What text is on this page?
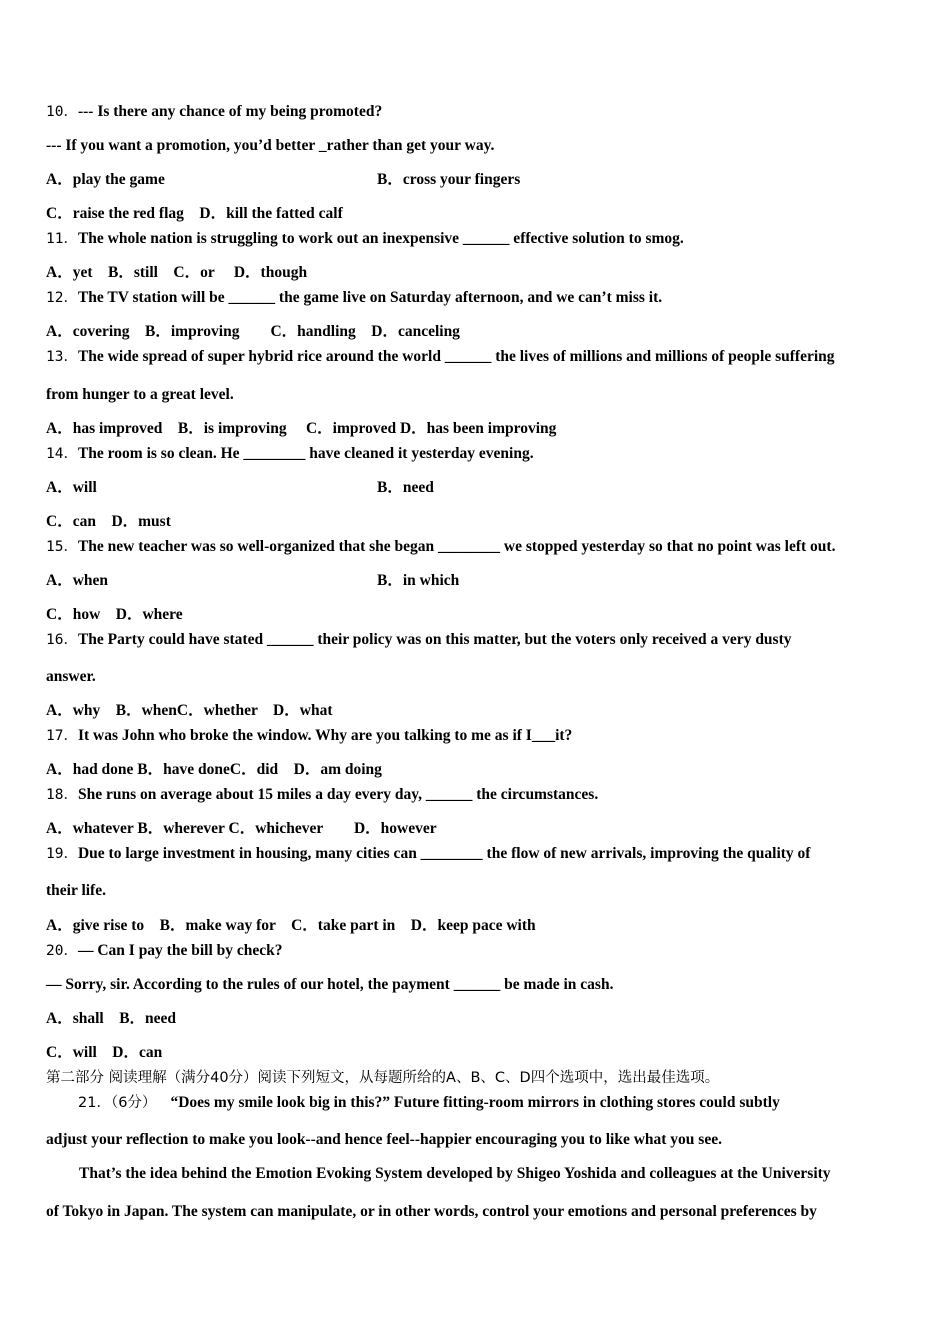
10．--- Is there any chance of my being promoted?
--- If you want a promotion, you’d better _rather than get your way.
A．play the game	B．cross your fingers
C．raise the red flag　D．kill the fatted calf
11．The whole nation is struggling to work out an inexpensive ______ effective solution to smog.
A．yet　B．still　C．or　 D．though
12．The TV station will be ______ the game live on Saturday afternoon, and we can’t miss it.
A．covering　B．improving　　C．handling　D．canceling
13．The wide spread of super hybrid rice around the world ______ the lives of millions and millions of people suffering
from hunger to a great level.
A．has improved　B．is improving　 C．improved D．has been improving
14．The room is so clean. He ________ have cleaned it yesterday evening.
A．will	B．need
C．can　D．must
15．The new teacher was so well-organized that she began ________ we stopped yesterday so that no point was left out.
A．when	B．in which
C．how　D．where
16．The Party could have stated ______ their policy was on this matter, but the voters only received a very dusty
answer.
A．why　B．whenC．whether　D．what
17．It was John who broke the window. Why are you talking to me as if I___it?
A．had done B．have doneC．did　D．am doing
18．She runs on average about 15 miles a day every day, ______ the circumstances.
A．whatever B．wherever C．whichever　　D．however
19．Due to large investment in housing, many cities can ________ the flow of new arrivals, improving the quality of
their life.
A．give rise to　B．make way for　C．take part in　D．keep pace with
20．— Can I pay the bill by check?
— Sorry, sir. According to the rules of our hotel, the payment ______ be made in cash.
A．shall　B．need
C．will　D．can
第二部分 阅读理解（满分40分）阅读下列短文，从每题所给的A、B、C、D四个选项中，选出最佳选项。
21．（6分） “Does my smile look big in this?” Future fitting-room mirrors in clothing stores could subtly
adjust your reflection to make you look--and hence feel--happier encouraging you to like what you see.
That’s the idea behind the Emotion Evoking System developed by Shigeo Yoshida and colleagues at the University
of Tokyo in Japan. The system can manipulate, or in other words, control your emotions and personal preferences by
